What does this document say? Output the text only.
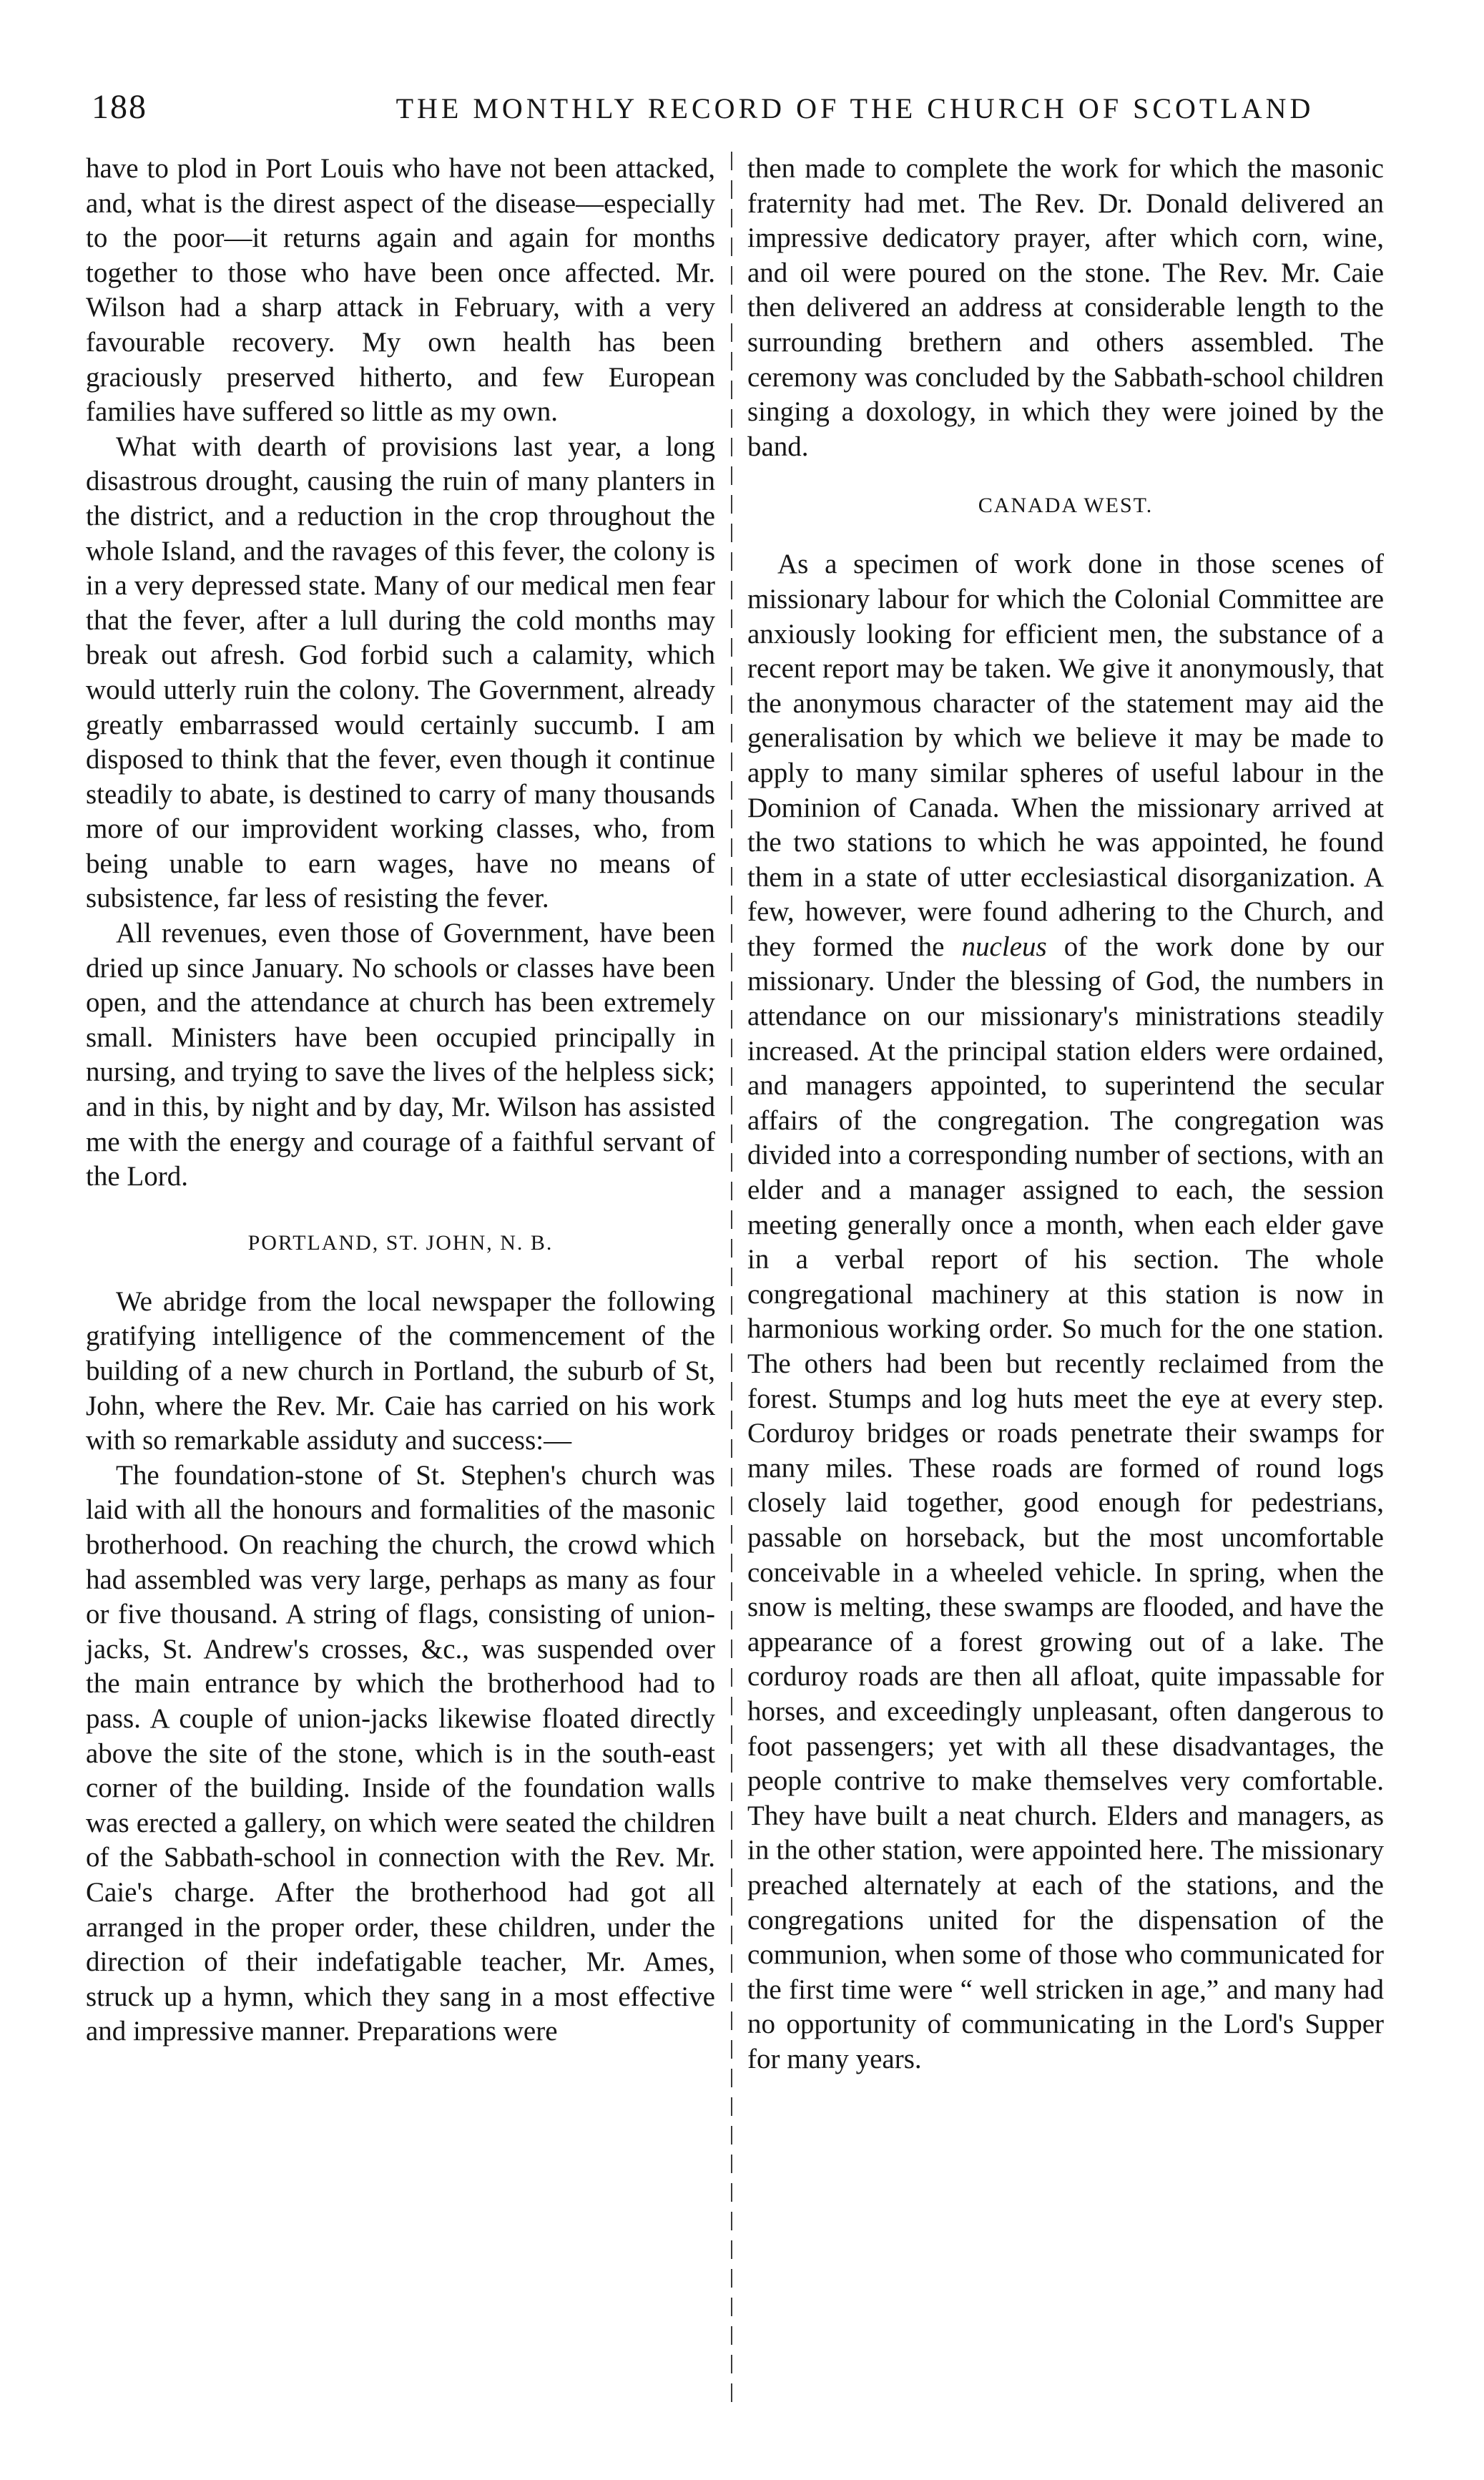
188	THE MONTHLY RECORD OF THE CHURCH OF SCOTLAND

have to plod in Port Louis who have not been attacked, and, what is the direst aspect of the disease—especially to the poor—it returns again and again for months together to those who have been once affected. Mr. Wilson had a sharp attack in February, with a very favourable recovery. My own health has been graciously preserved hitherto, and few European families have suffered so little as my own.

What with dearth of provisions last year, a long disastrous drought, causing the ruin of many planters in the district, and a reduction in the crop throughout the whole Island, and the ravages of this fever, the colony is in a very depressed state. Many of our medical men fear that the fever, after a lull during the cold months may break out afresh. God forbid such a calamity, which would utterly ruin the colony. The Government, already greatly embarrassed would certainly succumb. I am disposed to think that the fever, even though it continue steadily to abate, is destined to carry of many thousands more of our improvident working classes, who, from being unable to earn wages, have no means of subsistence, far less of resisting the fever.

All revenues, even those of Government, have been dried up since January. No schools or classes have been open, and the attendance at church has been extremely small. Ministers have been occupied principally in nursing, and trying to save the lives of the helpless sick; and in this, by night and by day, Mr. Wilson has assisted me with the energy and courage of a faithful servant of the Lord.

PORTLAND, ST. JOHN, N. B.

We abridge from the local newspaper the following gratifying intelligence of the commencement of the building of a new church in Portland, the suburb of St, John, where the Rev. Mr. Caie has carried on his work with so remarkable assiduty and success:—

The foundation-stone of St. Stephen's church was laid with all the honours and formalities of the masonic brotherhood. On reaching the church, the crowd which had assembled was very large, perhaps as many as four or five thousand. A string of flags, consisting of union-jacks, St. Andrew's crosses, &c., was suspended over the main entrance by which the brotherhood had to pass. A couple of union-jacks likewise floated directly above the site of the stone, which is in the south-east corner of the building. Inside of the foundation walls was erected a gallery, on which were seated the children of the Sabbath-school in connection with the Rev. Mr. Caie's charge. After the brotherhood had got all arranged in the proper order, these children, under the direction of their indefatigable teacher, Mr. Ames, struck up a hymn, which they sang in a most effective and impressive manner. Preparations were

then made to complete the work for which the masonic fraternity had met. The Rev. Dr. Donald delivered an impressive dedicatory prayer, after which corn, wine, and oil were poured on the stone. The Rev. Mr. Caie then delivered an address at considerable length to the surrounding brethern and others assembled. The ceremony was concluded by the Sabbath-school children singing a doxology, in which they were joined by the band.

CANADA WEST.

As a specimen of work done in those scenes of missionary labour for which the Colonial Committee are anxiously looking for efficient men, the substance of a recent report may be taken. We give it anonymously, that the anonymous character of the statement may aid the generalisation by which we believe it may be made to apply to many similar spheres of useful labour in the Dominion of Canada. When the missionary arrived at the two stations to which he was appointed, he found them in a state of utter ecclesiastical disorganization. A few, however, were found adhering to the Church, and they formed the nucleus of the work done by our missionary. Under the blessing of God, the numbers in attendance on our missionary's ministrations steadily increased. At the principal station elders were ordained, and managers appointed, to superintend the secular affairs of the congregation. The congregation was divided into a corresponding number of sections, with an elder and a manager assigned to each, the session meeting generally once a month, when each elder gave in a verbal report of his section. The whole congregational machinery at this station is now in harmonious working order. So much for the one station. The others had been but recently reclaimed from the forest. Stumps and log huts meet the eye at every step. Corduroy bridges or roads penetrate their swamps for many miles. These roads are formed of round logs closely laid together, good enough for pedestrians, passable on horseback, but the most uncomfortable conceivable in a wheeled vehicle. In spring, when the snow is melting, these swamps are flooded, and have the appearance of a forest growing out of a lake. The corduroy roads are then all afloat, quite impassable for horses, and exceedingly unpleasant, often dangerous to foot passengers; yet with all these disadvantages, the people contrive to make themselves very comfortable. They have built a neat church. Elders and managers, as in the other station, were appointed here. The missionary preached alternately at each of the stations, and the congregations united for the dispensation of the communion, when some of those who communicated for the first time were “ well stricken in age,” and many had no opportunity of communicating in the Lord's Supper for many years.
